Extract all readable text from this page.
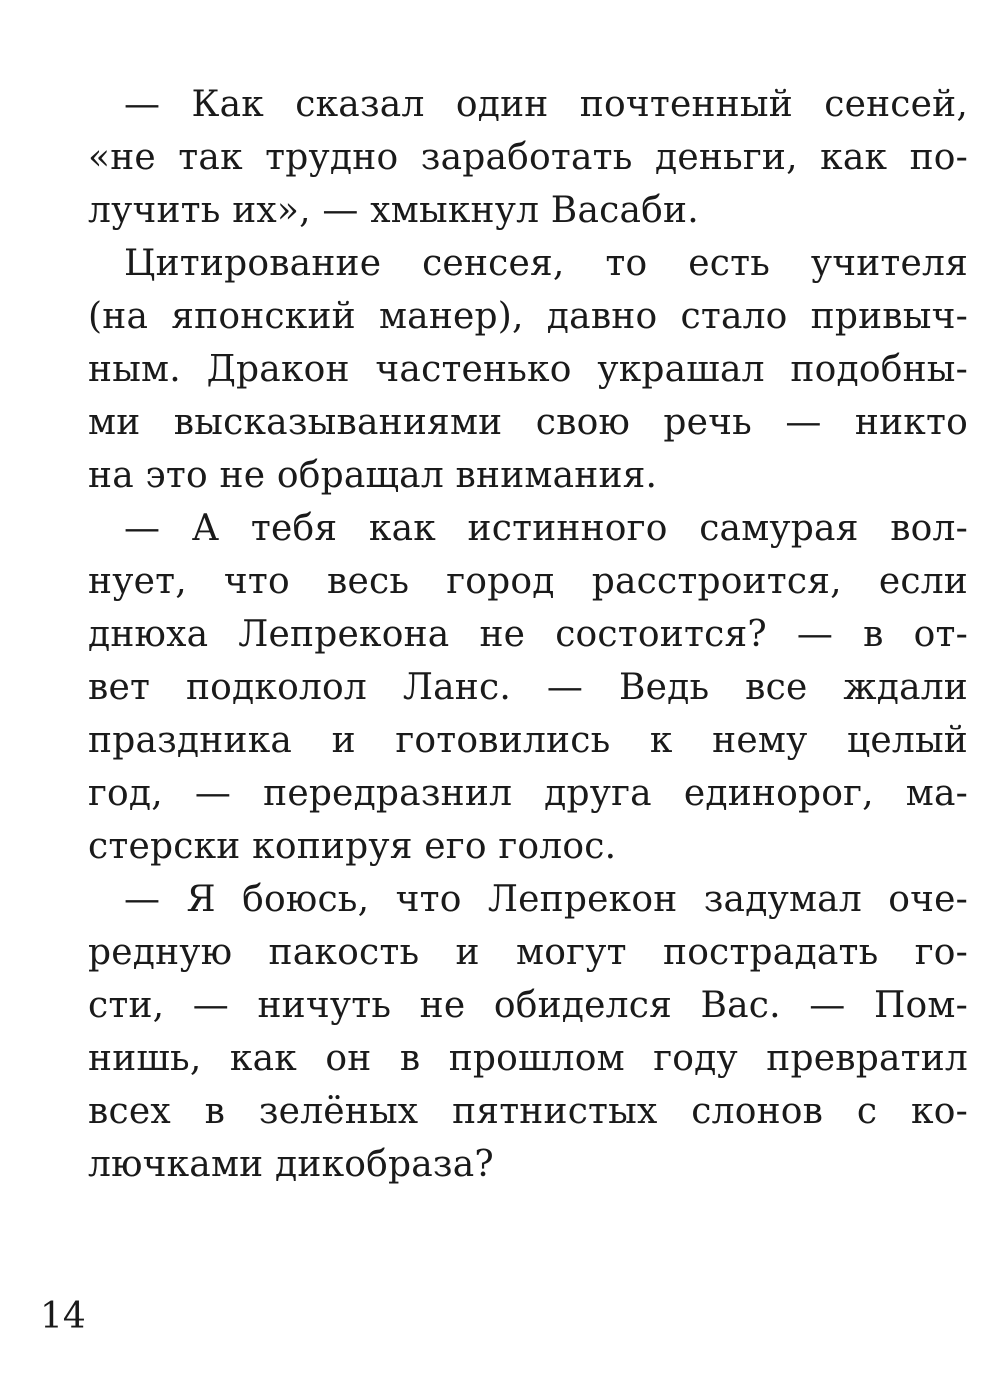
— Как сказал один почтенный сенсей,
«не так трудно заработать деньги, как по-
лучить их», — хмыкнул Васаби.
Цитирование сенсея, то есть учителя
(на японский манер), давно стало привыч-
ным. Дракон частенько украшал подобны-
ми высказываниями свою речь — никто
на это не обращал внимания.
— А тебя как истинного самурая вол-
нует, что весь город расстроится, если
днюха Лепрекона не состоится? — в от-
вет подколол Ланс. — Ведь все ждали
праздника и готовились к нему целый
год, — передразнил друга единорог, ма-
стерски копируя его голос.
— Я боюсь, что Лепрекон задумал оче-
редную пакость и могут пострадать го-
сти, — ничуть не обиделся Вас. — Пом-
нишь, как он в прошлом году превратил
всех в зелёных пятнистых слонов с ко-
лючками дикобраза?
14
